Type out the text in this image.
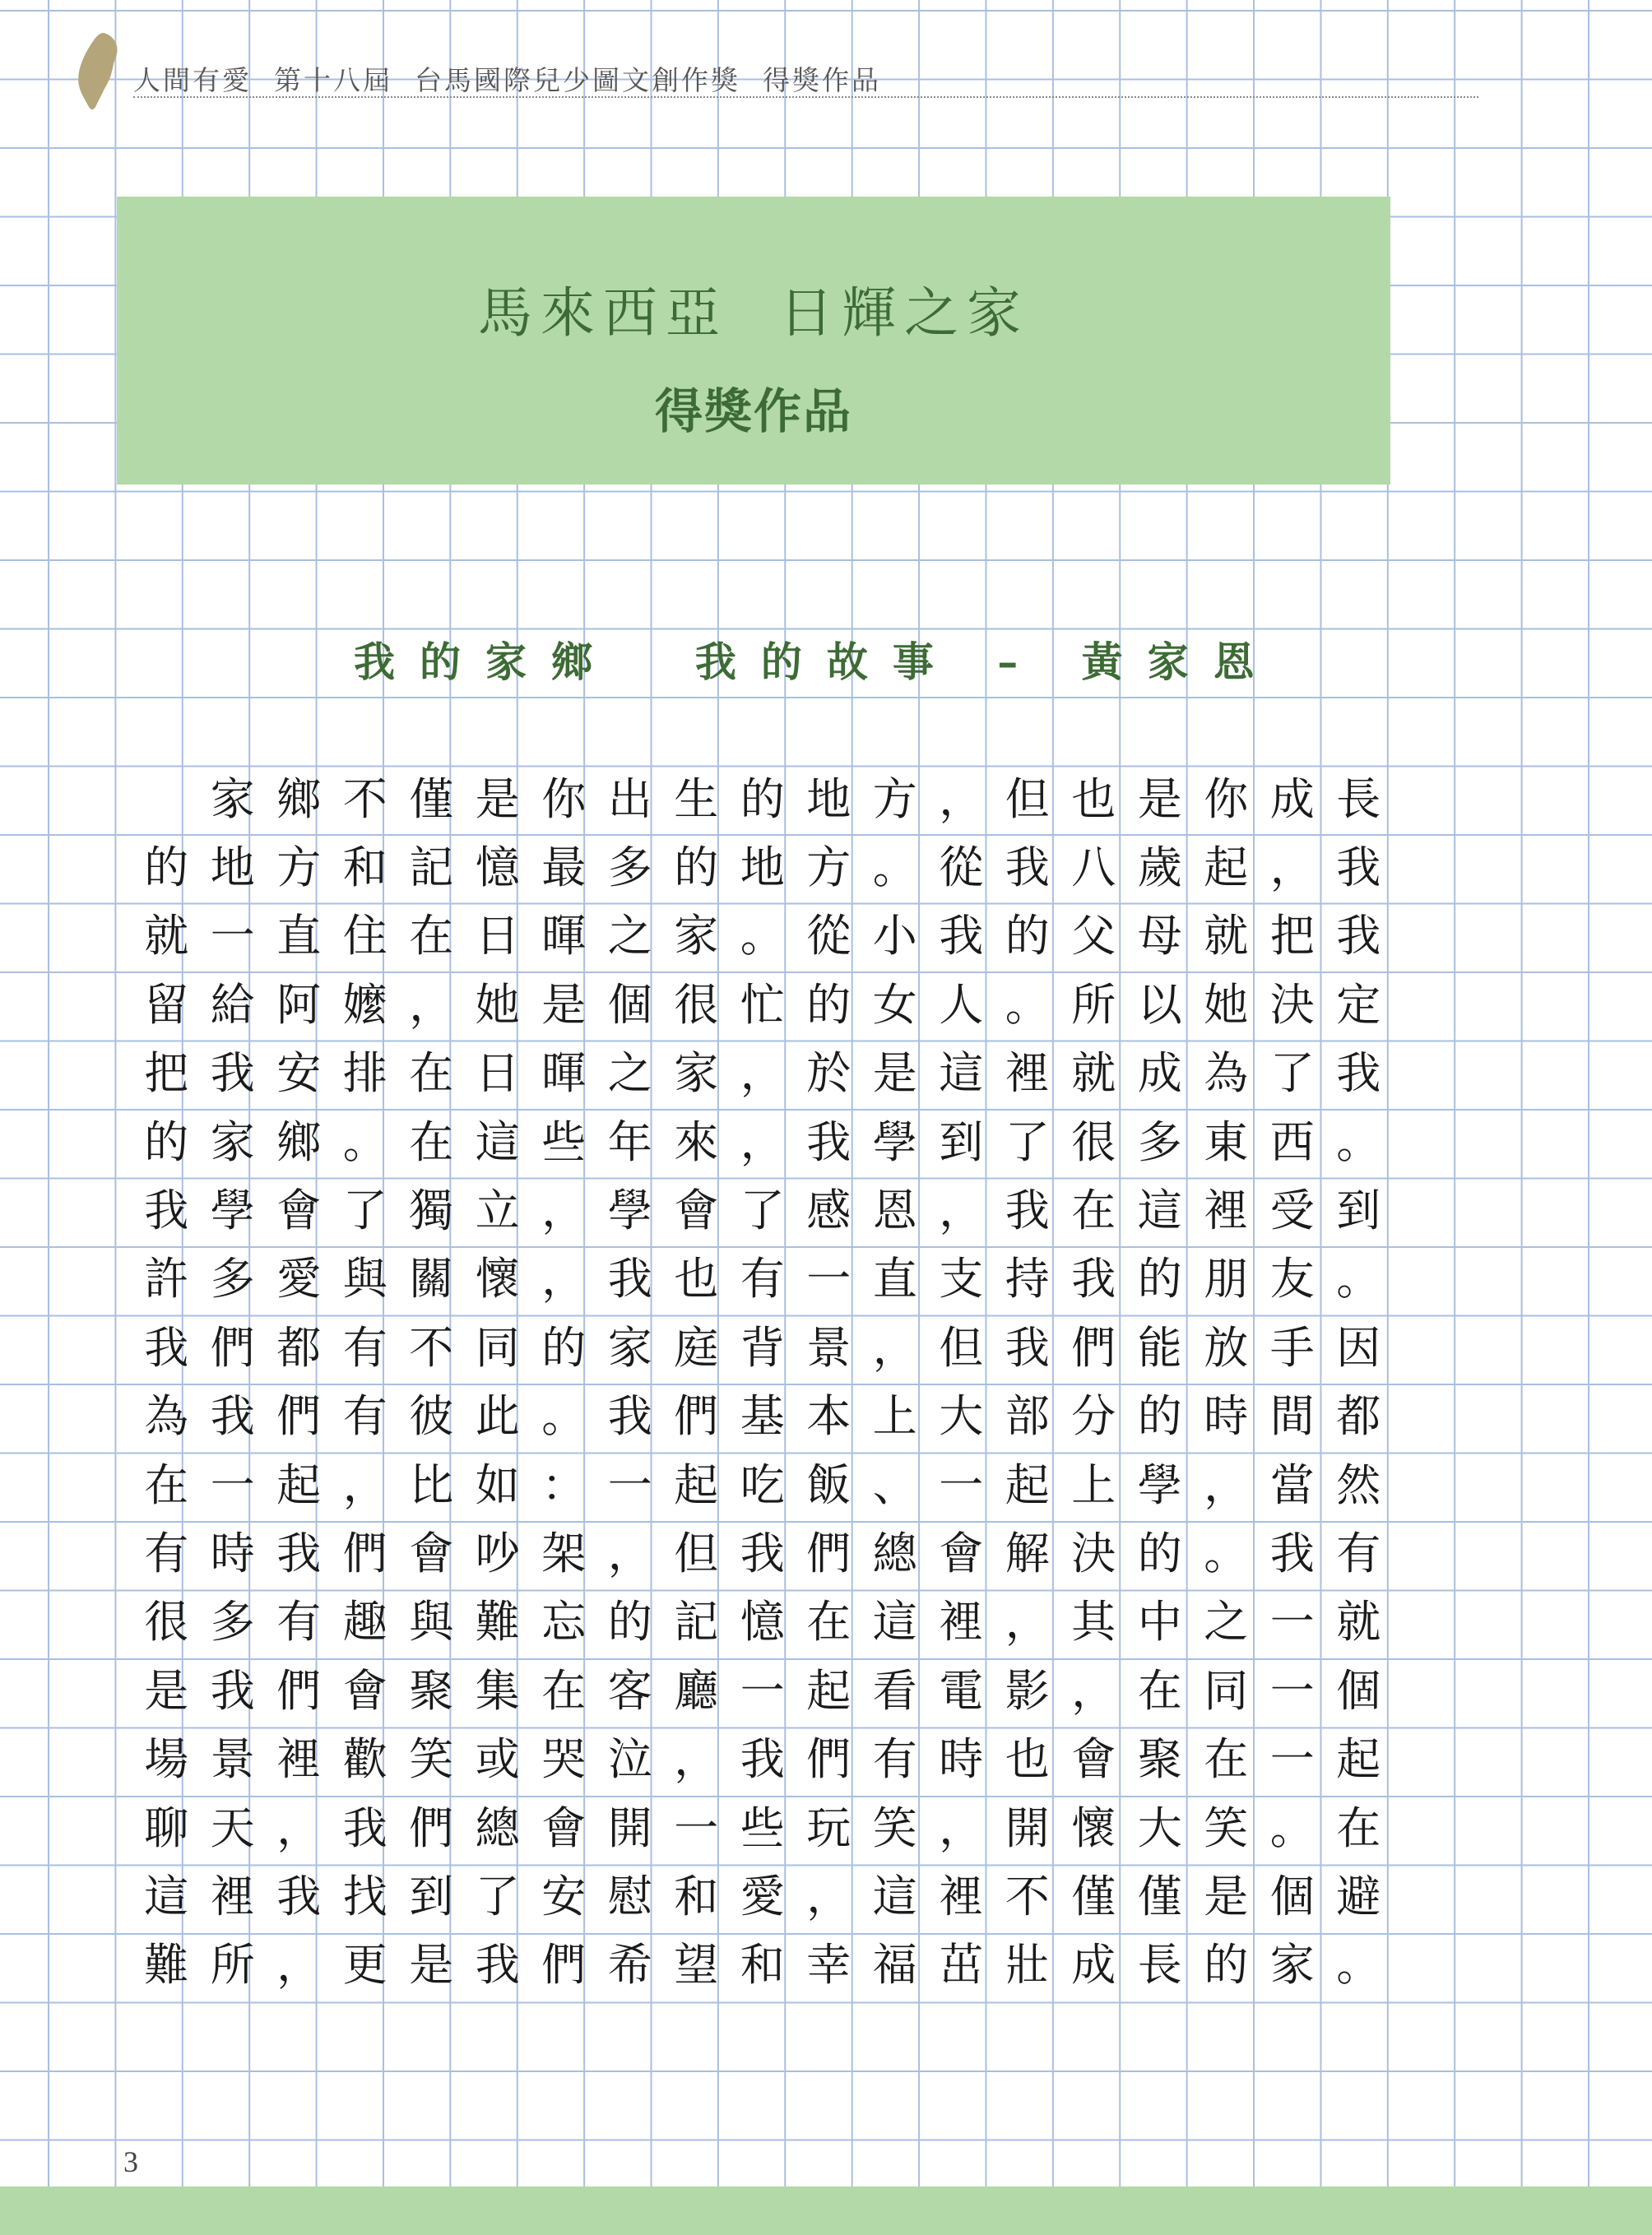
人間有愛  第十八屆  台馬國際兒少圖文創作獎  得獎作品
馬來西亞  日輝之家
得獎作品
我的家鄉  我的故事 – 黃家恩
家 鄉 不 僅 是 你 出 生 的 地 方 ， 但 也 是 你 成 長
的 地 方 和 記 憶 最 多 的 地 方 。 從 我 八 歲 起 ， 我
就 一 直 住 在 日 暉 之 家 。 從 小 我 的 父 母 就 把 我
留 給 阿 嬤 ， 她 是 個 很 忙 的 女 人 。 所 以 她 決 定
把 我 安 排 在 日 暉 之 家 ， 於 是 這 裡 就 成 為 了 我
的 家 鄉 。 在 這 些 年 來 ， 我 學 到 了 很 多 東 西 。
我 學 會 了 獨 立 ， 學 會 了 感 恩 ， 我 在 這 裡 受 到
許 多 愛 與 關 懷 ， 我 也 有 一 直 支 持 我 的 朋 友 。
我 們 都 有 不 同 的 家 庭 背 景 ， 但 我 們 能 放 手 因
為 我 們 有 彼 此 。 我 們 基 本 上 大 部 分 的 時 間 都
在 一 起 ， 比 如 ： 一 起 吃 飯 、 一 起 上 學 ， 當 然
有 時 我 們 會 吵 架 ， 但 我 們 總 會 解 決 的 。 我 有
很 多 有 趣 與 難 忘 的 記 憶 在 這 裡 ， 其 中 之 一 就
是 我 們 會 聚 集 在 客 廳 一 起 看 電 影 ， 在 同 一 個
場 景 裡 歡 笑 或 哭 泣 ， 我 們 有 時 也 會 聚 在 一 起
聊 天 ， 我 們 總 會 開 一 些 玩 笑 ， 開 懷 大 笑 。 在
這 裡 我 找 到 了 安 慰 和 愛 ， 這 裡 不 僅 僅 是 個 避
難 所 ， 更 是 我 們 希 望 和 幸 福 茁 壯 成 長 的 家 。
3
